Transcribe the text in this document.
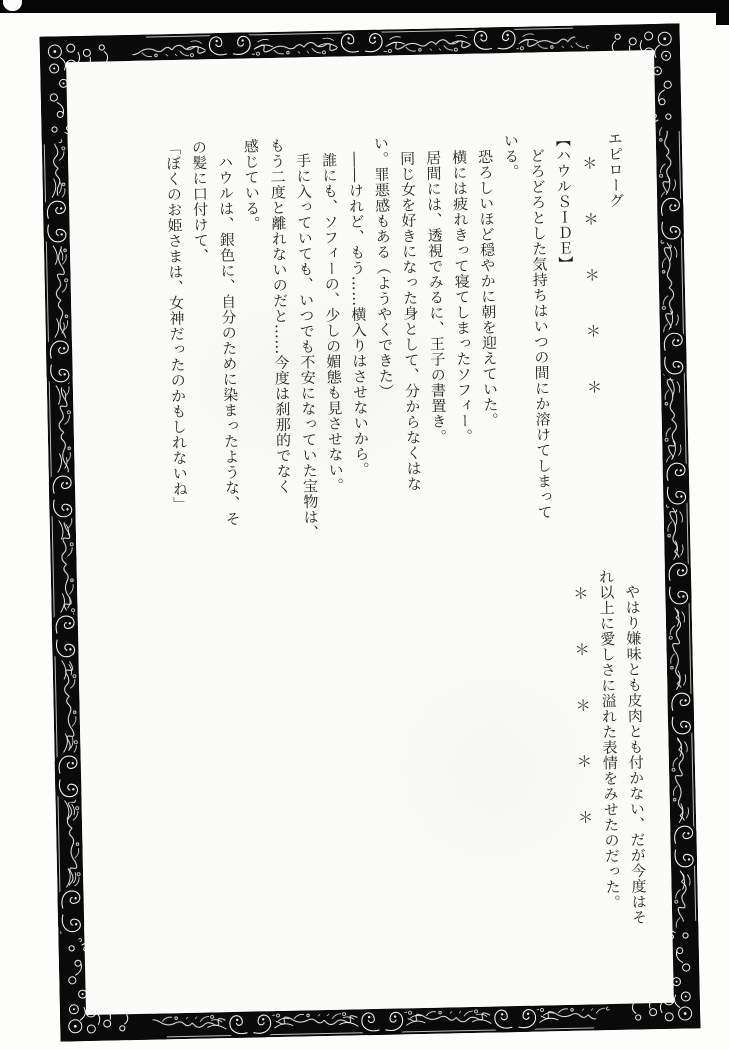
エピローグ

＊　＊　＊　＊　＊

【ハウルＳＩＤＥ】

　どろどろとした気持ちはいつの間にか溶けてしまって

いる。

　恐ろしいほど穏やかに朝を迎えていた。

　横には疲れきって寝てしまったソフィー。

　居間には、透視でみるに、王子の書置き。

　同じ女を好きになった身として、分からなくはな

い。罪悪感もある（ようやくできた）

　――けれど、もう……横入りはさせないから。

　誰にも、ソフィーの、少しの媚態も見させない。

　手に入っていても、いつでも不安になっていた宝物は、

もう二度と離れないのだと……今度は刹那的でなく

感じている。

　ハウルは、銀色に、自分のために染まったような、そ

の髪に口付けて、

「ぼくのお姫さまは、女神だったのかもしれないね」

　やはり嫌味とも皮肉とも付かない、だが今度はそ

れ以上に愛しさに溢れた表情をみせたのだった。

＊　＊　＊　＊　＊
